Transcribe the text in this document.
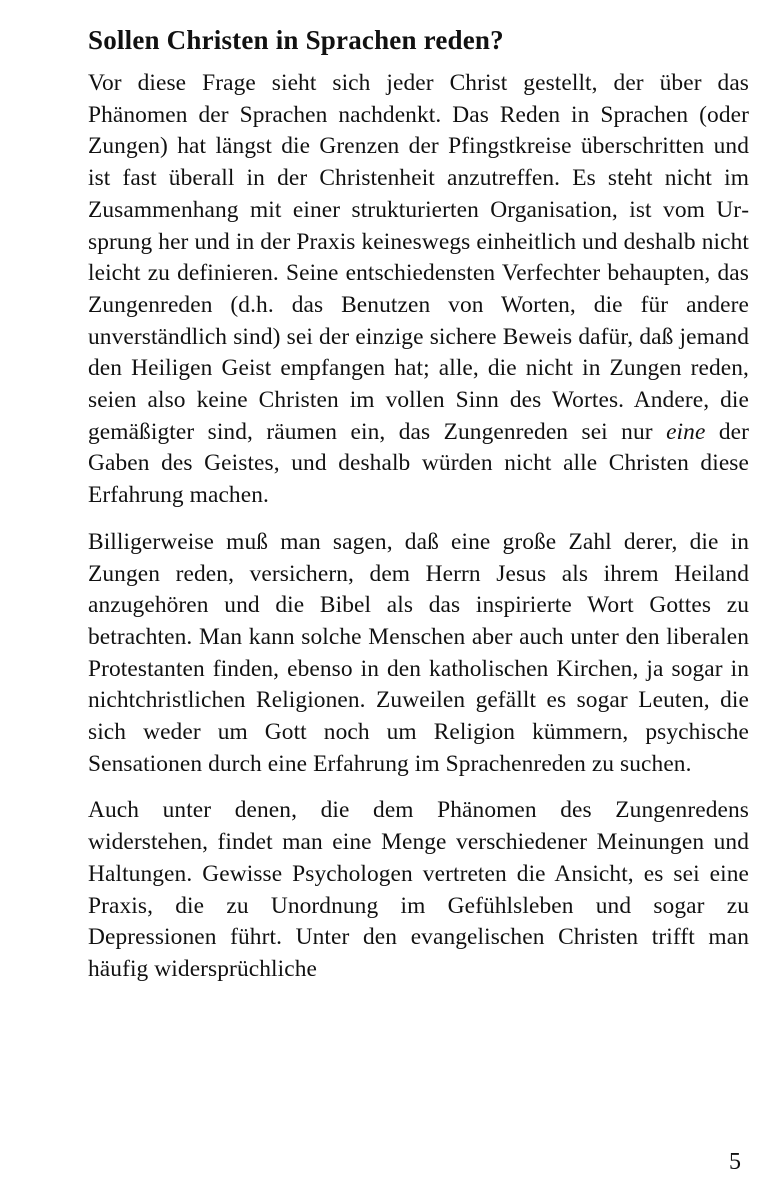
Sollen Christen in Sprachen reden?

Vor diese Frage sieht sich jeder Christ gestellt, der über das Phänomen der Sprachen nachdenkt. Das Reden in Sprachen (oder Zungen) hat längst die Grenzen der Pfingstkreise überschritten und ist fast überall in der Christenheit anzutreffen. Es steht nicht im Zusammenhang mit einer strukturierten Organisation, ist vom Ursprung her und in der Praxis keineswegs einheitlich und deshalb nicht leicht zu definieren. Seine entschiedensten Verfechter behaupten, das Zungenreden (d.h. das Benutzen von Worten, die für andere unverständlich sind) sei der einzige sichere Beweis dafür, daß jemand den Heiligen Geist empfangen hat; alle, die nicht in Zungen reden, seien also keine Christen im vollen Sinn des Wortes. Andere, die gemäßigter sind, räumen ein, das Zungenreden sei nur eine der Gaben des Geistes, und deshalb würden nicht alle Christen diese Erfahrung machen.

Billigerweise muß man sagen, daß eine große Zahl derer, die in Zungen reden, versichern, dem Herrn Jesus als ihrem Heiland anzugehören und die Bibel als das inspirierte Wort Gottes zu betrachten. Man kann solche Menschen aber auch unter den liberalen Protestanten finden, ebenso in den katholischen Kirchen, ja sogar in nichtchristlichen Religionen. Zuweilen gefällt es sogar Leuten, die sich weder um Gott noch um Religion kümmern, psychische Sensationen durch eine Erfahrung im Sprachenreden zu suchen.

Auch unter denen, die dem Phänomen des Zungenredens widerstehen, findet man eine Menge verschiedener Meinungen und Haltungen. Gewisse Psychologen vertreten die Ansicht, es sei eine Praxis, die zu Unordnung im Gefühlsleben und sogar zu Depressionen führt. Unter den evangelischen Christen trifft man häufig widersprüchliche

5
